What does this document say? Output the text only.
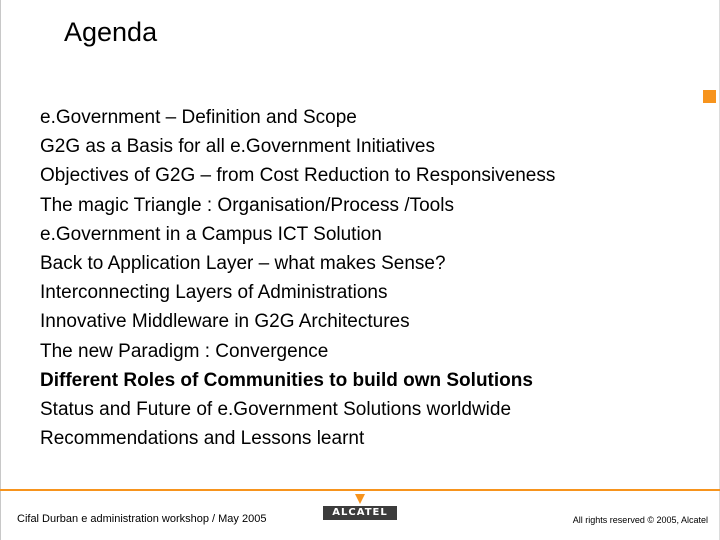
Agenda
e.Government – Definition and Scope
G2G as a Basis for all e.Government Initiatives
Objectives of G2G – from Cost Reduction to Responsiveness
The magic Triangle : Organisation/Process /Tools
e.Government in a Campus ICT Solution
Back to Application Layer – what makes Sense?
Interconnecting Layers of Administrations
Innovative Middleware in G2G Architectures
The new Paradigm : Convergence
Different Roles of Communities to build own Solutions
Status and Future of e.Government Solutions worldwide
Recommendations and Lessons learnt
Cifal Durban e administration workshop / May 2005
ALCATEL
All rights reserved © 2005, Alcatel
